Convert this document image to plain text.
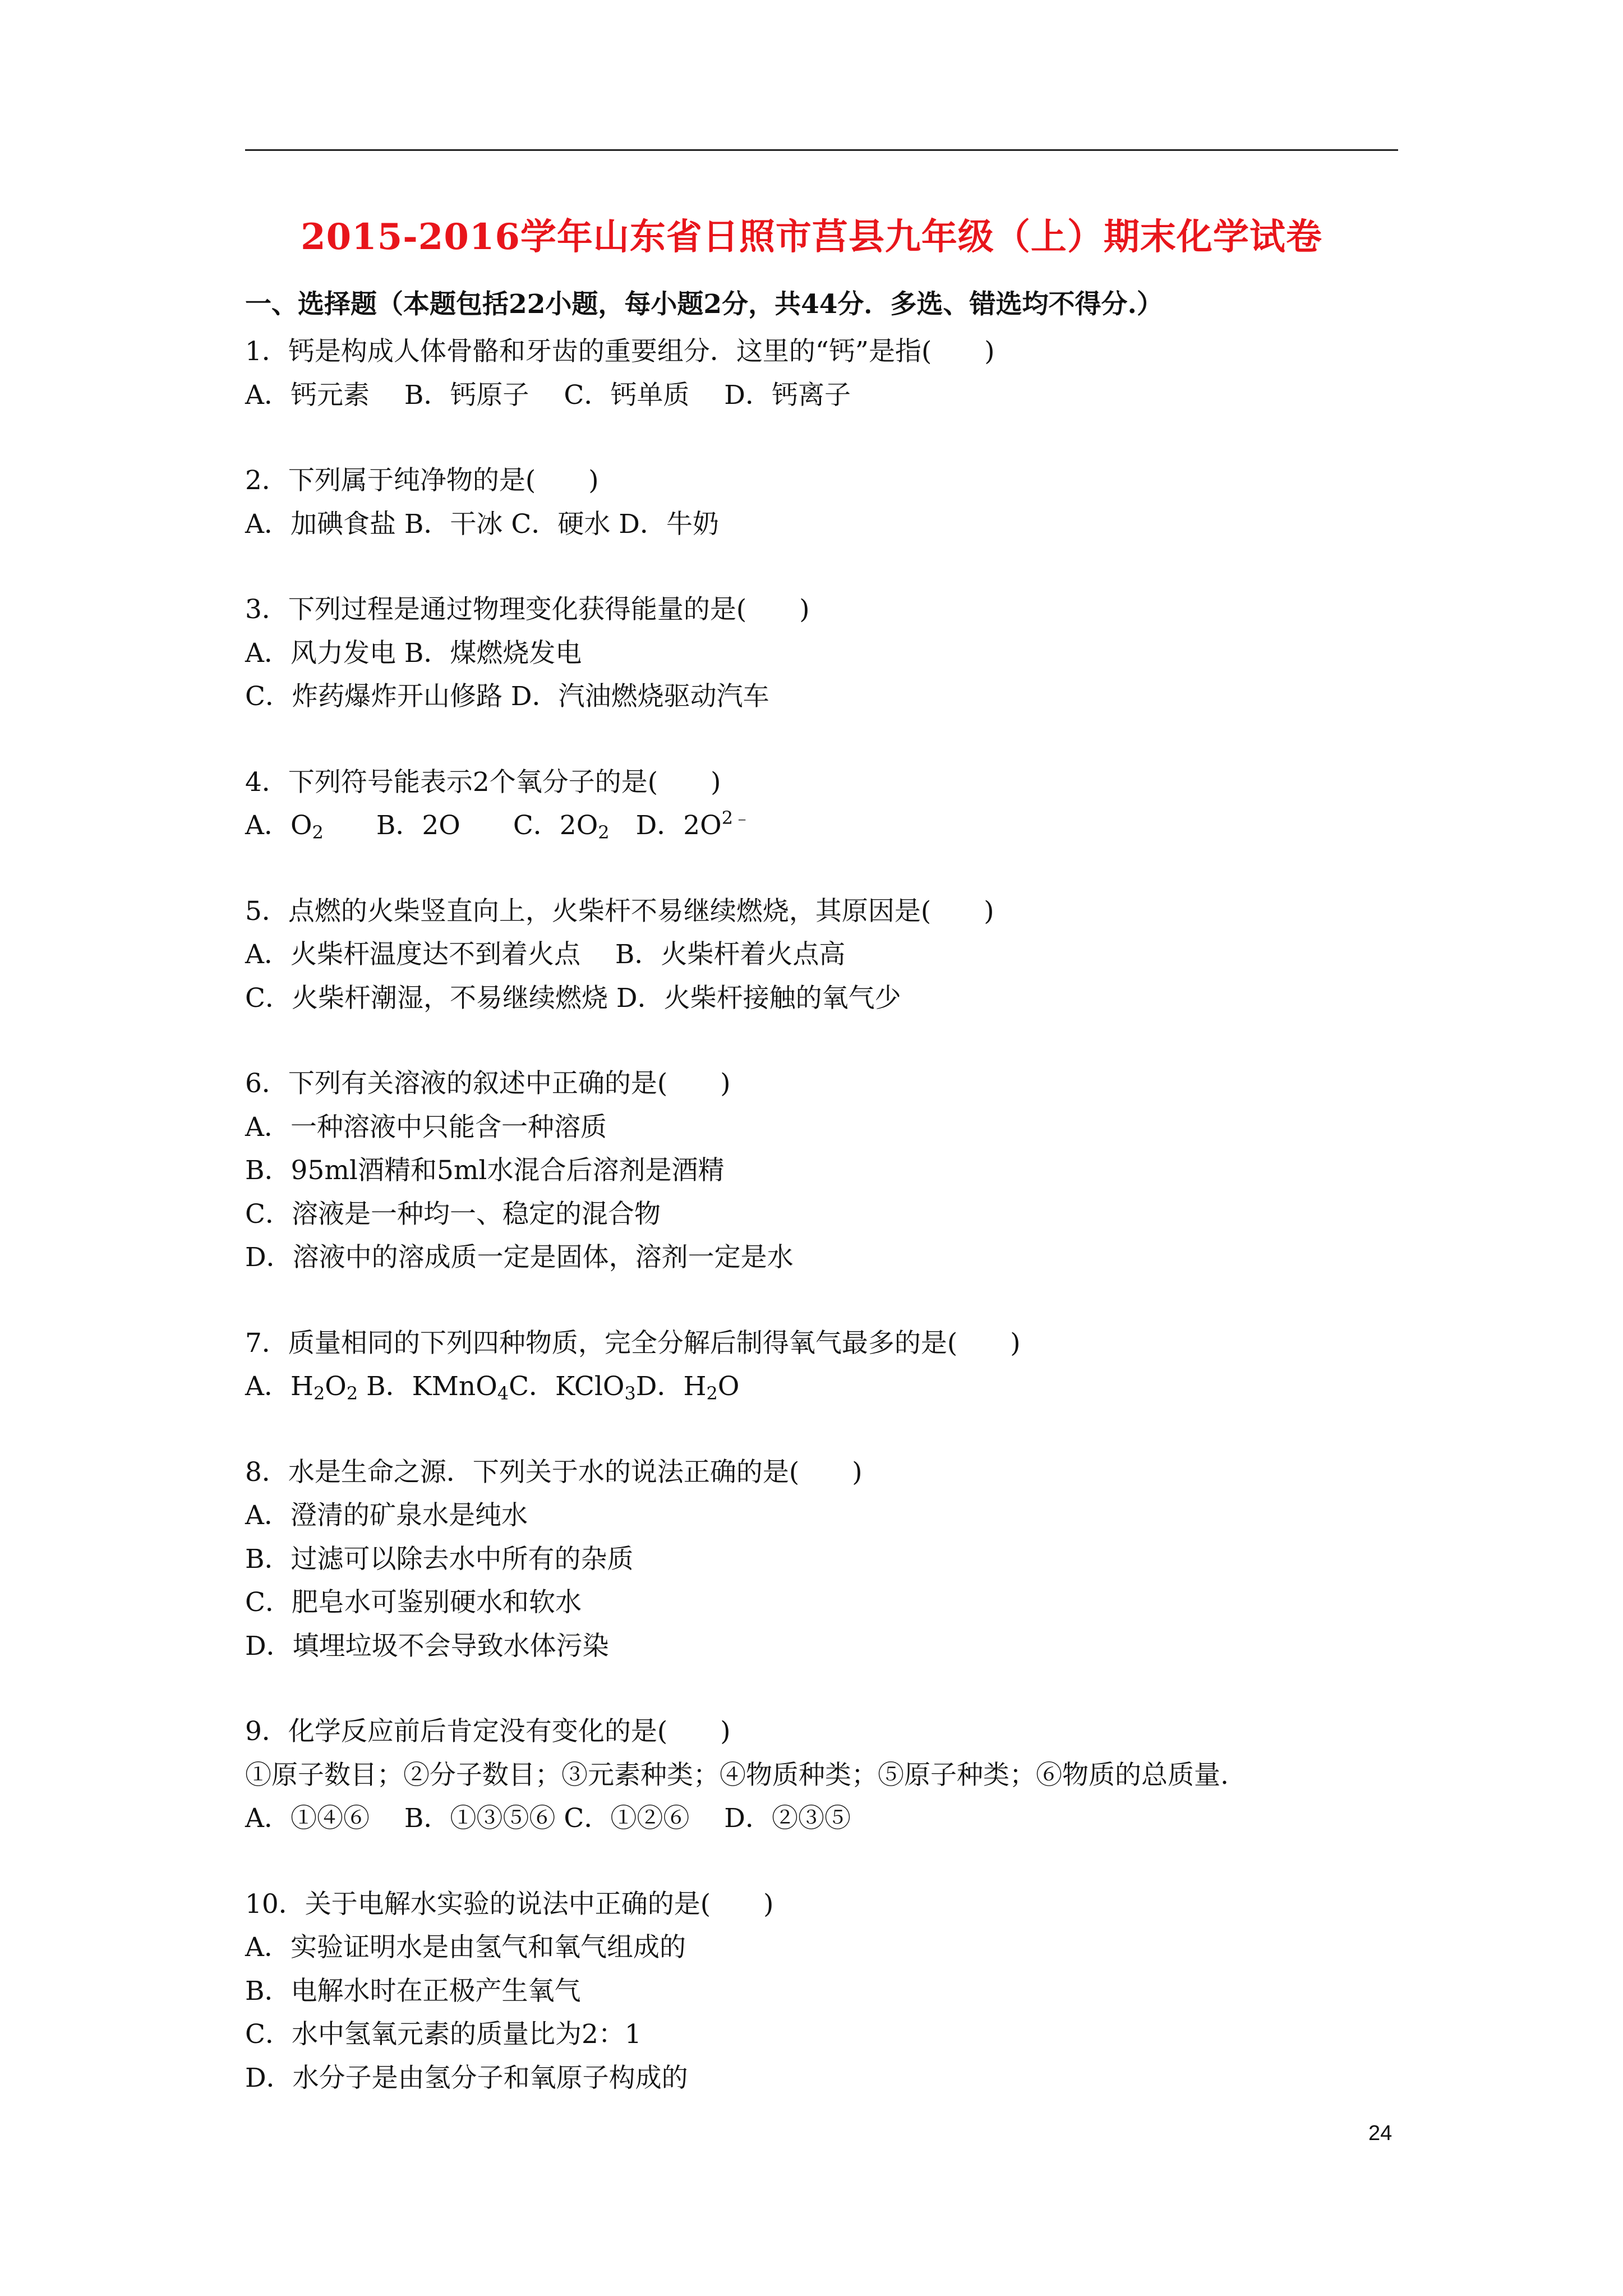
2015-2016学年山东省日照市莒县九年级（上）期末化学试卷
一、选择题（本题包括22小题，每小题2分，共44分．多选、错选均不得分.）
1．钙是构成人体骨骼和牙齿的重要组分．这里的“钙”是指(　　)
A．钙元素　 B．钙原子　 C．钙单质　 D．钙离子
2．下列属于纯净物的是(　　)
A．加碘食盐 B．干冰 C．硬水 D．牛奶
3．下列过程是通过物理变化获得能量的是(　　)
A．风力发电 B．煤燃烧发电
C．炸药爆炸开山修路 D．汽油燃烧驱动汽车
4．下列符号能表示2个氧分子的是(　　)
A．$O_2$　　 B．2O　　 C．$2O_2$　 D．$2O^{2﹣}$
5．点燃的火柴竖直向上，火柴杆不易继续燃烧，其原因是(　　)
A．火柴杆温度达不到着火点　 B．火柴杆着火点高
C．火柴杆潮湿，不易继续燃烧 D．火柴杆接触的氧气少
6．下列有关溶液的叙述中正确的是(　　)
A．一种溶液中只能含一种溶质
B．95ml酒精和5ml水混合后溶剂是酒精
C．溶液是一种均一、稳定的混合物
D．溶液中的溶成质一定是固体，溶剂一定是水
7．质量相同的下列四种物质，完全分解后制得氧气最多的是(　　)
A．$H_2O_2$ B．KMnO$_4$C．KClO$_3$D．$H_2O$
8．水是生命之源．下列关于水的说法正确的是(　　)
A．澄清的矿泉水是纯水
B．过滤可以除去水中所有的杂质
C．肥皂水可鉴别硬水和软水
D．填埋垃圾不会导致水体污染
9．化学反应前后肯定没有变化的是(　　)
①原子数目；②分子数目；③元素种类；④物质种类；⑤原子种类；⑥物质的总质量.
A．①④⑥　 B．①③⑤⑥ C．①②⑥　 D．②③⑤
10．关于电解水实验的说法中正确的是(　　)
A．实验证明水是由氢气和氧气组成的
B．电解水时在正极产生氧气
C．水中氢氧元素的质量比为2：1
D．水分子是由氢分子和氧原子构成的
24
